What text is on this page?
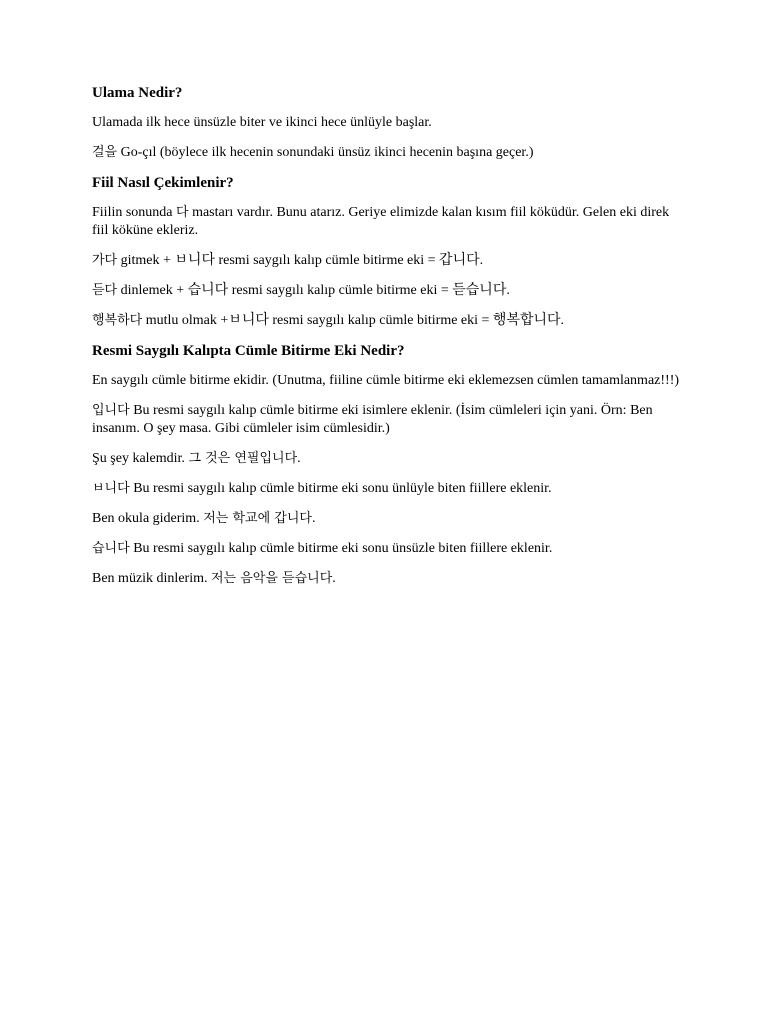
Ulama Nedir?
Ulamada ilk hece ünsüzle biter ve ikinci hece ünlüyle başlar.
걸을 Go-çıl (böylece ilk hecenin sonundaki ünsüz ikinci hecenin başına geçer.)
Fiil Nasıl Çekimlenir?
Fiilin sonunda 다 mastarı vardır. Bunu atarız. Geriye elimizde kalan kısım fiil köküdür. Gelen eki direk fiil köküne ekleriz.
가다 gitmek + ㅂ니다 resmi saygılı kalıp cümle bitirme eki = 갑니다.
듣다 dinlemek + 습니다 resmi saygılı kalıp cümle bitirme eki = 듣습니다.
행복하다 mutlu olmak +ㅂ니다 resmi saygılı kalıp cümle bitirme eki = 행복합니다.
Resmi Saygılı Kalıpta Cümle Bitirme Eki Nedir?
En saygılı cümle bitirme ekidir. (Unutma, fiiline cümle bitirme eki eklemezsen cümlen tamamlanmaz!!!)
입니다 Bu resmi saygılı kalıp cümle bitirme eki isimlere eklenir. (İsim cümleleri için yani. Örn: Ben insanım. O şey masa. Gibi cümleler isim cümlesidir.)
Şu şey kalemdir. 그 것은 연필입니다.
ㅂ니다 Bu resmi saygılı kalıp cümle bitirme eki sonu ünlüyle biten fiillere eklenir.
Ben okula giderim. 저는 학교에 갑니다.
습니다 Bu resmi saygılı kalıp cümle bitirme eki sonu ünsüzle biten fiillere eklenir.
Ben müzik dinlerim. 저는 음악을 듣습니다.
